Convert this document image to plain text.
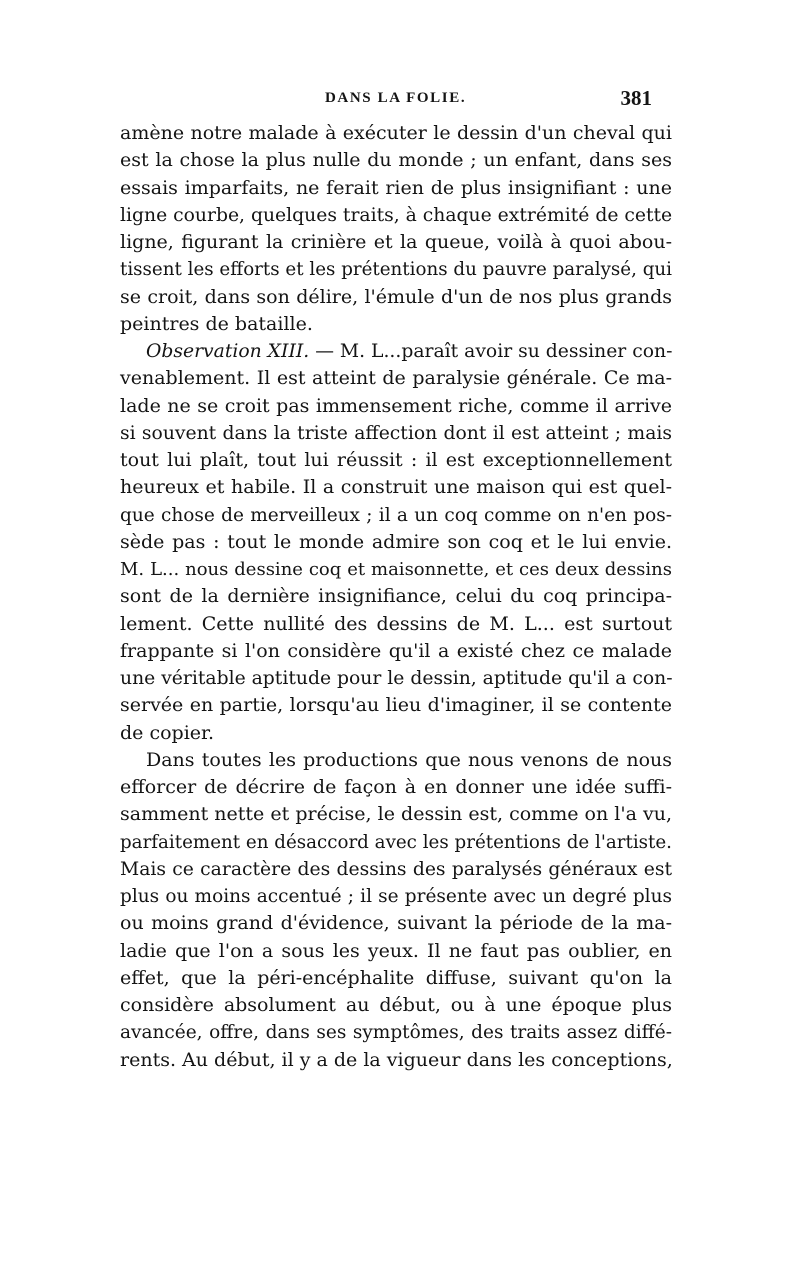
DANS LA FOLIE.	381
amène notre malade à exécuter le dessin d'un cheval qui
est la chose la plus nulle du monde ; un enfant, dans ses
essais imparfaits, ne ferait rien de plus insignifiant : une
ligne courbe, quelques traits, à chaque extrémité de cette
ligne, figurant la crinière et la queue, voilà à quoi abou-
tissent les efforts et les prétentions du pauvre paralysé, qui
se croit, dans son délire, l'émule d'un de nos plus grands
peintres de bataille.
Observation XIII. — M. L...paraît avoir su dessiner con-
venablement. Il est atteint de paralysie générale. Ce ma-
lade ne se croit pas immensement riche, comme il arrive
si souvent dans la triste affection dont il est atteint ; mais
tout lui plaît, tout lui réussit : il est exceptionnellement
heureux et habile. Il a construit une maison qui est quel-
que chose de merveilleux ; il a un coq comme on n'en pos-
sède pas : tout le monde admire son coq et le lui envie.
M. L... nous dessine coq et maisonnette, et ces deux dessins
sont de la dernière insignifiance, celui du coq principa-
lement. Cette nullité des dessins de M. L... est surtout
frappante si l'on considère qu'il a existé chez ce malade
une véritable aptitude pour le dessin, aptitude qu'il a con-
servée en partie, lorsqu'au lieu d'imaginer, il se contente
de copier.
Dans toutes les productions que nous venons de nous
efforcer de décrire de façon à en donner une idée suffi-
samment nette et précise, le dessin est, comme on l'a vu,
parfaitement en désaccord avec les prétentions de l'artiste.
Mais ce caractère des dessins des paralysés généraux est
plus ou moins accentué ; il se présente avec un degré plus
ou moins grand d'évidence, suivant la période de la ma-
ladie que l'on a sous les yeux. Il ne faut pas oublier, en
effet, que la péri-encéphalite diffuse, suivant qu'on la
considère absolument au début, ou à une époque plus
avancée, offre, dans ses symptômes, des traits assez diffé-
rents. Au début, il y a de la vigueur dans les conceptions,
